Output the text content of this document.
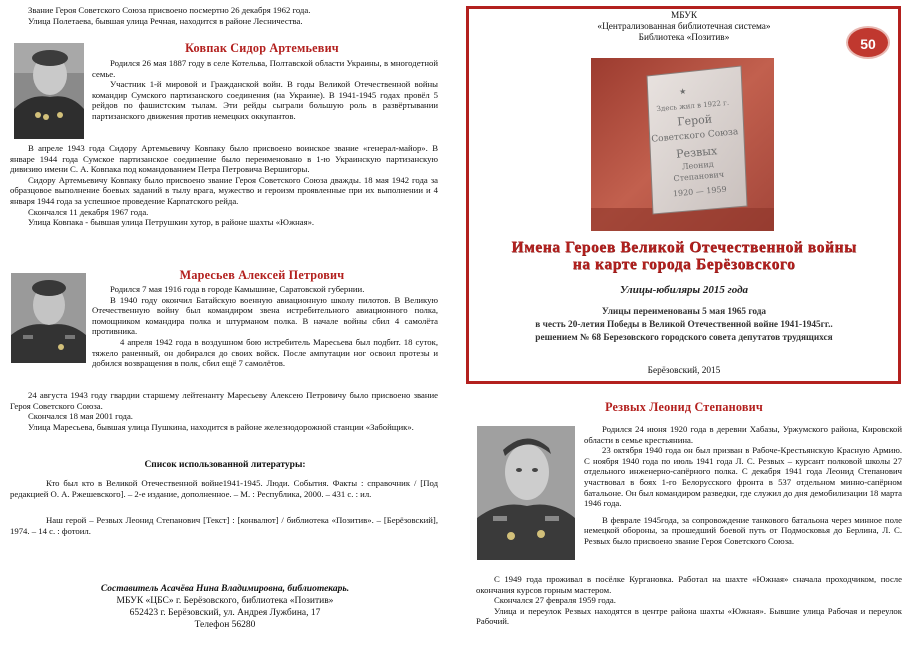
Звание Героя Советского Союза присвоено посмертно 26 декабря 1962 года.

Улица Полетаева, бывшая улица Речная, находится в районе Лесничества.

Ковпак Сидор Артемьевич

Родился 26 мая 1887 году в селе Котельва, Полтавской области Украины, в многодетной семье.

Участник 1-й мировой и Гражданской войн. В годы Великой Отечественной войны командир Сумского партизанского соединения (на Украине). В 1941-1945 годах провёл 5 рейдов по фашистским тылам. Эти рейды сыграли большую роль в развёртывании партизанского движения против немецких оккупантов.

В апреле 1943 года Сидору Артемьевичу Ковпаку было присвоено воинское звание «генерал-майор». В январе 1944 года Сумское партизанское соединение было переименовано в 1-ю Украинскую партизанскую дивизию имени С. А. Ковпака под командованием Петра Петровича Вершигоры.

Сидору Артемьевичу Ковпаку было присвоено звание Героя Советского Союза дважды. 18 мая 1942 года за образцовое выполнение боевых заданий в тылу врага, мужество и героизм проявленные при их выполнении и 4 января 1944 года за успешное проведение Карпатского рейда.

Скончался 11 декабря 1967 года.

Улица Ковпака - бывшая улица Петрушкин хутор, в районе шахты «Южная».

Маресьев Алексей Петрович

Родился 7 мая 1916 года в городе Камышине, Саратовской губернии.

В 1940 году окончил Батайскую военную авиационную школу пилотов. В Великую Отечественную войну был командиром звена истребительного авиационного полка, помощником командира полка и штурманом полка. В начале войны сбил 4 самолёта противника.

4 апреля 1942 года в воздушном бою истребитель Маресьева был подбит. 18 суток, тяжело раненный, он добирался до своих войск. После ампутации ног освоил протезы и добился возвращения в полк, сбил ещё 7 самолётов.

24 августа 1943 году гвардии старшему лейтенанту Маресьеву Алексею Петровичу было присвоено звание Героя Советского Союза.

Скончался 18 мая 2001 года.

Улица Маресьева, бывшая улица Пушкина, находится в районе железнодорожной станции «Забойщик».

Список использованной литературы:

Кто был кто в Великой Отечественной войне1941-1945. Люди. События. Факты : справочник / [Под редакцией О. А. Ржешевского]. – 2-е издание, дополненное. – М. : Республика, 2000. – 431 с. : ил.

Наш герой – Резвых Леонид Степанович [Текст] : [конвалют] / библиотека «Позитив». – [Берёзовский], 1974. – 14 с. : фотоил.

Составитель Асачёва Нина Владимировна, библиотекарь.
МБУК «ЦБС» г. Берёзовского, библиотека «Позитив»
652423 г. Берёзовский, ул. Андрея Лужбина, 17
Телефон 56280
МБУК
«Централизованная библиотечная система»
Библиотека «Позитив»	50
★
Здесь жил в 1922 г.
Герой
Советского Союза
Резвых
Леонид
Степанович
1920 — 1959
Имена Героев Великой Отечественной войны
на карте города Берёзовского
Улицы-юбиляры 2015 года
Улицы переименованы 5 мая 1965 года
в честь 20-летия Победы в Великой Отечественной войне 1941-1945гг..
решением № 68 Березовского городского совета депутатов трудящихся
Берёзовский, 2015
Резвых Леонид Степанович

Родился 24 июня 1920 года в деревни Хабазы, Уржумского района, Кировской области в семье крестьянина.

23 октября 1940 года он был призван в Рабоче-Крестьянскую Красную Армию. С ноября 1940 года по июль 1941 года Л. С. Резвых – курсант полковой школы 27 отдельного инженерно-сапёрного полка. С декабря 1941 года Леонид Степанович участвовал в боях 1-го Белорусского фронта в 537 отдельном минно-сапёрном батальоне. Он был командиром разведки, где служил до дня демобилизации 18 марта 1946 года.

В феврале 1945года, за сопровождение танкового батальона через минное поле немецкой обороны, за прошедший боевой путь от Подмосковья до Берлина, Л. С. Резвых было присвоено звание Героя Советского Союза.

С 1949 года проживал в посёлке Кургановка. Работал на шахте «Южная» сначала проходчиком, после окончания курсов горным мастером.

Скончался 27 февраля 1959 года.

Улица и переулок Резвых находятся в центре района шахты «Южная». Бывшие улица Рабочая и переулок Рабочий.
